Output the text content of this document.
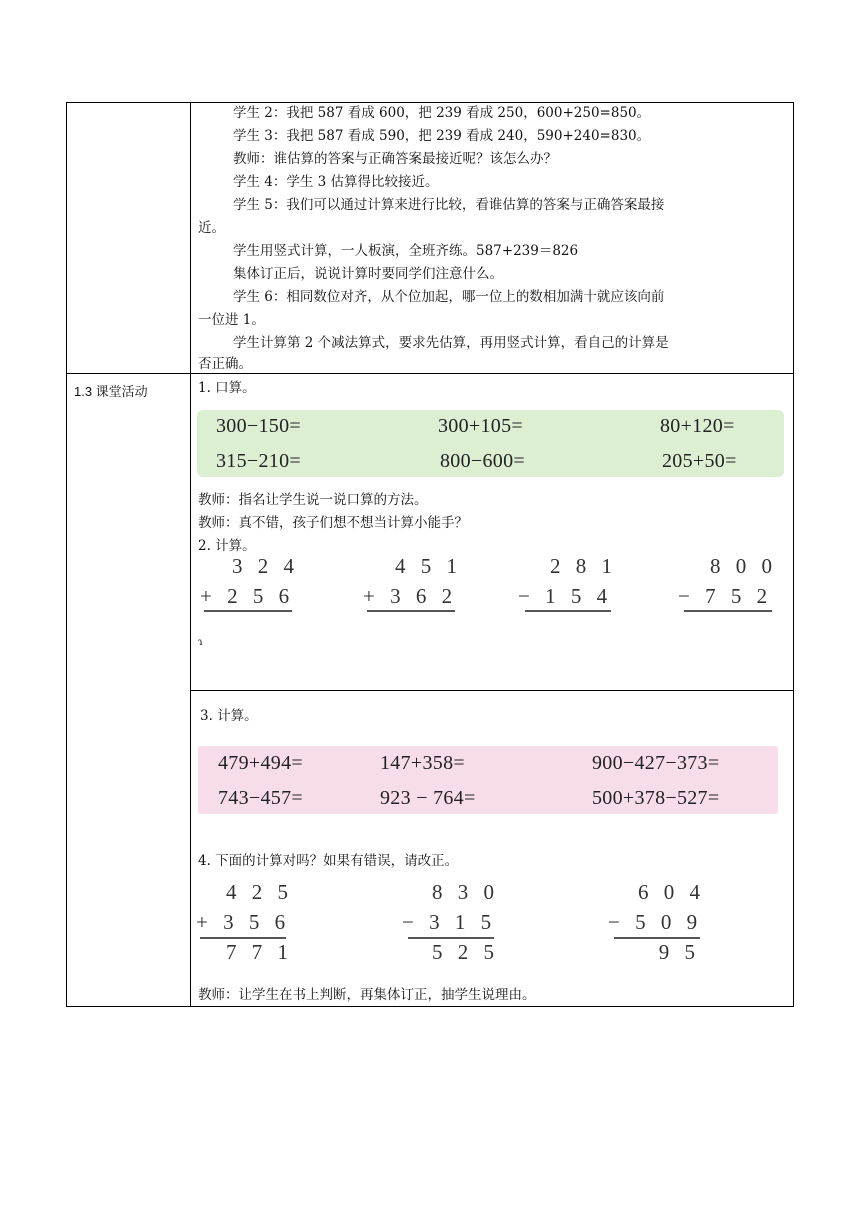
学生 2：我把 587 看成 600，把 239 看成 250，600+250=850。
学生 3：我把 587 看成 590，把 239 看成 240，590+240=830。
教师：谁估算的答案与正确答案最接近呢？该怎么办？
学生 4：学生 3 估算得比较接近。
学生 5：我们可以通过计算来进行比较，看谁估算的答案与正确答案最接
近。
学生用竖式计算，一人板演，全班齐练。587+239＝826
集体订正后，说说计算时要同学们注意什么。
学生 6：相同数位对齐，从个位加起，哪一位上的数相加满十就应该向前
一位进 1。
学生计算第 2 个减法算式，要求先估算，再用竖式计算，看自己的计算是
否正确。
1.3 课堂活动	1. 口算。
300−150=	300+105=	80+120=
315−210=	800−600=	205+50=
教师：指名让学生说一说口算的方法。
教师：真不错，孩子们想不想当计算小能手？
2. 计算。
3 2 4
+ 2 5 6
4 5 1
+ 3 6 2
2 8 1
− 1 5 4
8 0 0
− 7 5 2
ɿ
3. 计算。
479+494=	147+358=	900−427−373=
743−457=	923 − 764=	500+378−527=
4. 下面的计算对吗？如果有错误，请改正。
4 2 5
+ 3 5 6
7 7 1
8 3 0
− 3 1 5
5 2 5
6 0 4
− 5 0 9
9 5
教师：让学生在书上判断，再集体订正，抽学生说理由。
